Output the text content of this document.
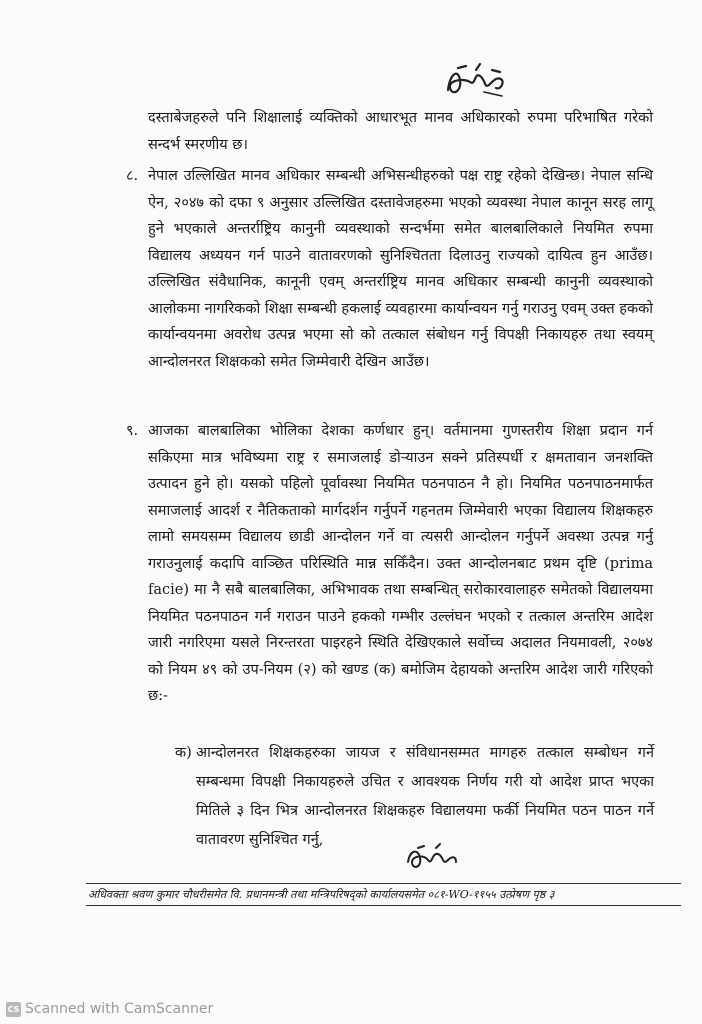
दस्ताबेजहरुले पनि शिक्षालाई व्यक्तिको आधारभूत मानव अधिकारको रुपमा परिभाषित गरेको सन्दर्भ स्मरणीय छ।
८. नेपाल उल्लिखित मानव अधिकार सम्बन्धी अभिसन्धीहरुको पक्ष राष्ट्र रहेको देखिन्छ। नेपाल सन्धि ऐन, २०४७ को दफा ९ अनुसार उल्लिखित दस्तावेजहरुमा भएको व्यवस्था नेपाल कानून सरह लागू हुने भएकाले अन्तर्राष्ट्रिय कानुनी व्यवस्थाको सन्दर्भमा समेत बालबालिकाले नियमित रुपमा विद्यालय अध्ययन गर्न पाउने वातावरणको सुनिश्चितता दिलाउनु राज्यको दायित्व हुन आउँछ। उल्लिखित संवैधानिक, कानूनी एवम् अन्तर्राष्ट्रिय मानव अधिकार सम्बन्धी कानुनी व्यवस्थाको आलोकमा नागरिकको शिक्षा सम्बन्धी हकलाई व्यवहारमा कार्यान्वयन गर्नु गराउनु एवम् उक्त हकको कार्यान्वयनमा अवरोध उत्पन्न भएमा सो को तत्काल संबोधन गर्नु विपक्षी निकायहरु तथा स्वयम् आन्दोलनरत शिक्षकको समेत जिम्मेवारी देखिन आउँछ।
९. आजका बालबालिका भोलिका देशका कर्णधार हुन्। वर्तमानमा गुणस्तरीय शिक्षा प्रदान गर्न सकिएमा मात्र भविष्यमा राष्ट्र र समाजलाई डोऱ्याउन सक्ने प्रतिस्पर्धी र क्षमतावान जनशक्ति उत्पादन हुने हो। यसको पहिलो पूर्वावस्था नियमित पठनपाठन नै हो। नियमित पठनपाठनमार्फत समाजलाई आदर्श र नैतिकताको मार्गदर्शन गर्नुपर्ने गहनतम जिम्मेवारी भएका विद्यालय शिक्षकहरु लामो समयसम्म विद्यालय छाडी आन्दोलन गर्ने वा त्यसरी आन्दोलन गर्नुपर्ने अवस्था उत्पन्न गर्नु गराउनुलाई कदापि वाञ्छित परिस्थिति मान्न सकिँदैन। उक्त आन्दोलनबाट प्रथम दृष्टि (prima facie) मा नै सबै बालबालिका, अभिभावक तथा सम्बन्धित् सरोकारवालाहरु समेतको विद्यालयमा नियमित पठनपाठन गर्न गराउन पाउने हकको गम्भीर उल्लंघन भएको र तत्काल अन्तरिम आदेश जारी नगरिएमा यसले निरन्तरता पाइरहने स्थिति देखिएकाले सर्वोच्च अदालत नियमावली, २०७४ को नियम ४९ को उप-नियम (२) को खण्ड (क) बमोजिम देहायको अन्तरिम आदेश जारी गरिएको छ:-
क) आन्दोलनरत शिक्षकहरुका जायज र संविधानसम्मत मागहरु तत्काल सम्बोधन गर्ने सम्बन्धमा विपक्षी निकायहरुले उचित र आवश्यक निर्णय गरी यो आदेश प्राप्त भएका मितिले ३ दिन भित्र आन्दोलनरत शिक्षकहरु विद्यालयमा फर्की नियमित पठन पाठन गर्ने वातावरण सुनिश्चित गर्नु,
अधिवक्ता श्रवण कुमार चौधरीसमेत वि. प्रधानमन्त्री तथा मन्त्रिपरिषद्को कार्यालयसमेत ०८१-WO-११५५ उत्प्रेषण पृष्ठ ३
CS Scanned with CamScanner
